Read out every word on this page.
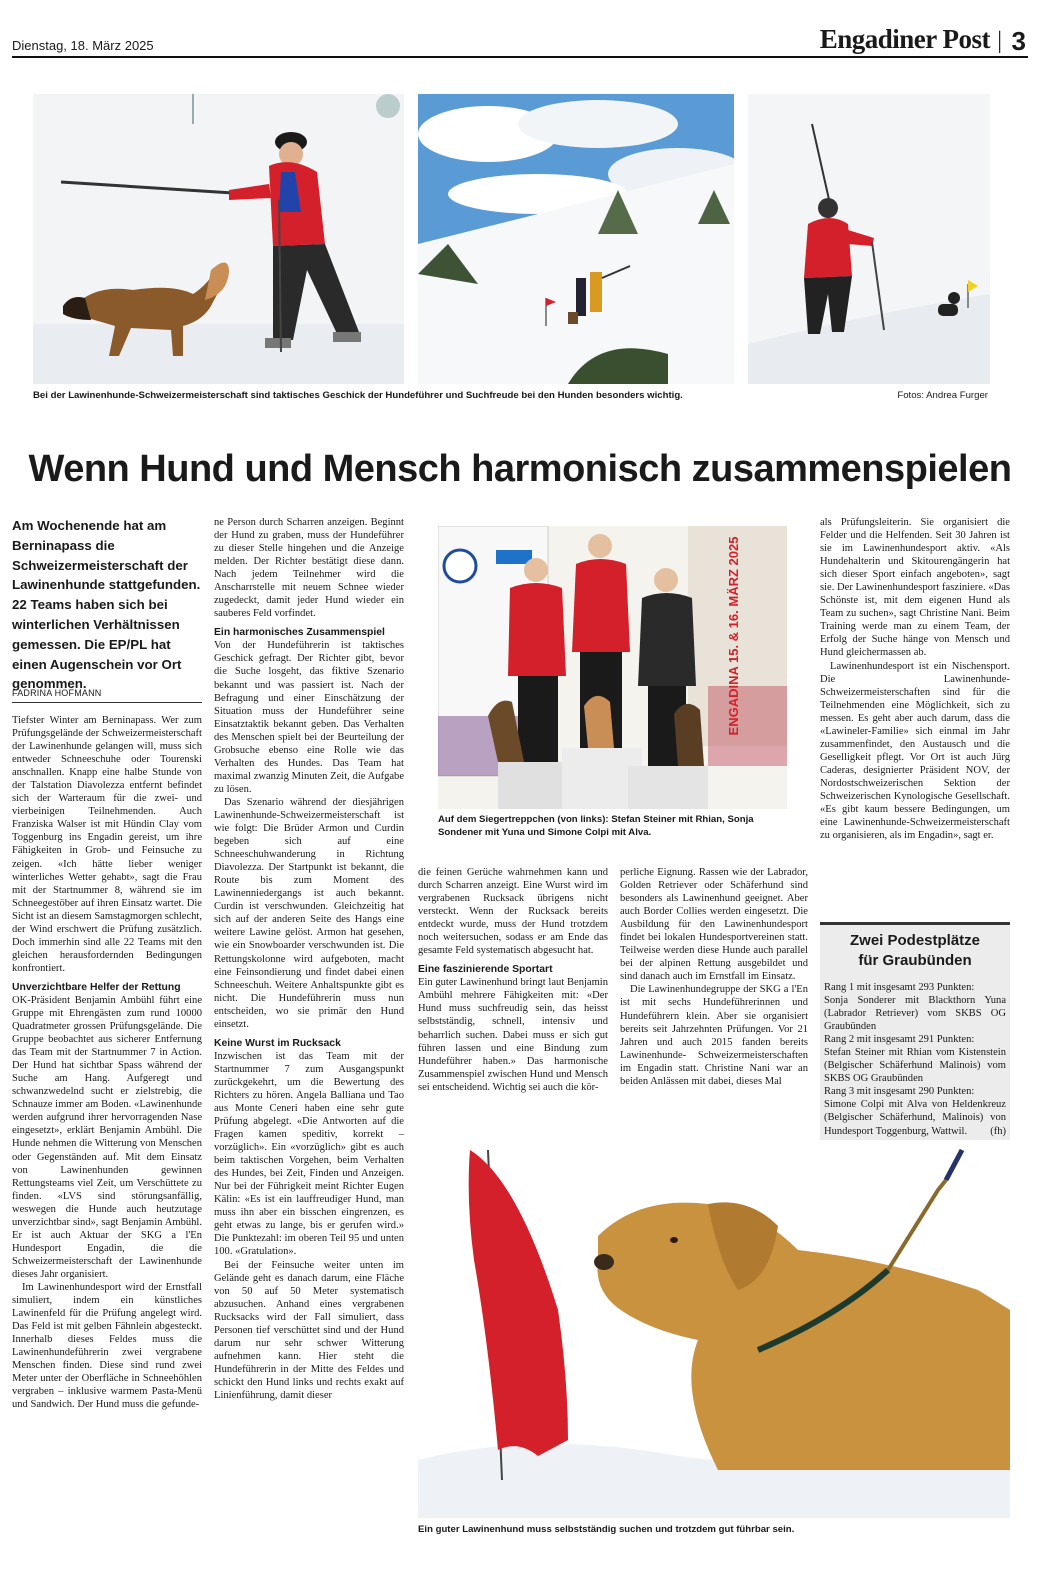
Dienstag, 18. März 2025	Engadiner Post | 3
Bei der Lawinenhunde-Schweizermeisterschaft sind taktisches Geschick der Hundeführer und Suchfreude bei den Hunden besonders wichtig.	Fotos: Andrea Furger
Wenn Hund und Mensch harmonisch zusammenspielen
Am Wochenende hat am Berninapass die Schweizermeisterschaft der Lawinenhunde stattgefunden. 22 Teams haben sich bei winterlichen Verhältnissen gemessen. Die EP/PL hat einen Augenschein vor Ort genommen.
FADRINA HOFMANN

Tiefster Winter am Berninapass. Wer zum Prüfungsgelände der Schweizermeisterschaft der Lawinenhunde gelangen will, muss sich entweder Schneeschuhe oder Tourenski anschnallen. Knapp eine halbe Stunde von der Talstation Diavolezza entfernt befindet sich der Warteraum für die zwei- und vierbeinigen Teilnehmenden. Auch Franziska Walser ist mit Hündin Clay vom Toggenburg ins Engadin gereist, um ihre Fähigkeiten in Grob- und Feinsuche zu zeigen. «Ich hätte lieber weniger winterliches Wetter gehabt», sagt die Frau mit der Startnummer 8, während sie im Schneegestöber auf ihren Einsatz wartet. Die Sicht ist an diesem Samstagmorgen schlecht, der Wind erschwert die Prüfung zusätzlich. Doch immerhin sind alle 22 Teams mit den gleichen herausfordernden Bedingungen konfrontiert.

Unverzichtbare Helfer der Rettung

OK-Präsident Benjamin Ambühl führt eine Gruppe mit Ehrengästen zum rund 10000 Quadratmeter grossen Prüfungsgelände. Die Gruppe beobachtet aus sicherer Entfernung das Team mit der Startnummer 7 in Action. Der Hund hat sichtbar Spass während der Suche am Hang. Aufgeregt und schwanzwedelnd sucht er zielstrebig, die Schnauze immer am Boden. «Lawinenhunde werden aufgrund ihrer hervorragenden Nase eingesetzt», erklärt Benjamin Ambühl. Die Hunde nehmen die Witterung von Menschen oder Gegenständen auf. Mit dem Einsatz von Lawinenhunden gewinnen Rettungsteams viel Zeit, um Verschüttete zu finden. «LVS sind störungsanfällig, weswegen die Hunde auch heutzutage unverzichtbar sind», sagt Benjamin Ambühl. Er ist auch Aktuar der SKG a l'En Hundesport Engadin, die die Schweizermeisterschaft der Lawinenhunde dieses Jahr organisiert.

Im Lawinenhundesport wird der Ernstfall simuliert, indem ein künstliches Lawinenfeld für die Prüfung angelegt wird. Das Feld ist mit gelben Fähnlein abgesteckt. Innerhalb dieses Feldes muss die Lawinenhundeführerin zwei vergrabene Menschen finden. Diese sind rund zwei Meter unter der Oberfläche in Schneehöhlen vergraben – inklusive warmem Pasta-Menü und Sandwich. Der Hund muss die gefunde-

ne Person durch Scharren anzeigen. Beginnt der Hund zu graben, muss der Hundeführer zu dieser Stelle hingehen und die Anzeige melden. Der Richter bestätigt diese dann. Nach jedem Teilnehmer wird die Anscharrstelle mit neuem Schnee wieder zugedeckt, damit jeder Hund wieder ein sauberes Feld vorfindet.

Ein harmonisches Zusammenspiel

Von der Hundeführerin ist taktisches Geschick gefragt. Der Richter gibt, bevor die Suche losgeht, das fiktive Szenario bekannt und was passiert ist. Nach der Befragung und einer Einschätzung der Situation muss der Hundeführer seine Einsatztaktik bekannt geben. Das Verhalten des Menschen spielt bei der Beurteilung der Grobsuche ebenso eine Rolle wie das Verhalten des Hundes. Das Team hat maximal zwanzig Minuten Zeit, die Aufgabe zu lösen.

Das Szenario während der diesjährigen Lawinenhunde-Schweizermeisterschaft ist wie folgt: Die Brüder Armon und Curdin begeben sich auf eine Schneeschuhwanderung in Richtung Diavolezza. Der Startpunkt ist bekannt, die Route bis zum Moment des Lawinenniedergangs ist auch bekannt. Curdin ist verschwunden. Gleichzeitig hat sich auf der anderen Seite des Hangs eine weitere Lawine gelöst. Armon hat gesehen, wie ein Snowboarder verschwunden ist. Die Rettungskolonne wird aufgeboten, macht eine Feinsondierung und findet dabei einen Schneeschuh. Weitere Anhaltspunkte gibt es nicht. Die Hundeführerin muss nun entscheiden, wo sie primär den Hund einsetzt.

Keine Wurst im Rucksack

Inzwischen ist das Team mit der Startnummer 7 zum Ausgangspunkt zurückgekehrt, um die Bewertung des Richters zu hören. Angela Balliana und Tao aus Monte Ceneri haben eine sehr gute Prüfung abgelegt. «Die Antworten auf die Fragen kamen speditiv, korrekt – vorzüglich». Ein «vorzüglich» gibt es auch beim taktischen Vorgehen, beim Verhalten des Hundes, bei Zeit, Finden und Anzeigen. Nur bei der Führigkeit meint Richter Eugen Kälin: «Es ist ein lauffreudiger Hund, man muss ihn aber ein bisschen eingrenzen, es geht etwas zu lange, bis er gerufen wird.» Die Punktezahl: im oberen Teil 95 und unten 100. «Gratulation».

Bei der Feinsuche weiter unten im Gelände geht es danach darum, eine Fläche von 50 auf 50 Meter systematisch abzusuchen. Anhand eines vergrabenen Rucksacks wird der Fall simuliert, dass Personen tief verschüttet sind und der Hund darum nur sehr schwer Witterung aufnehmen kann. Hier steht die Hundeführerin in der Mitte des Feldes und schickt den Hund links und rechts exakt auf Linienführung, damit dieser

ENGADINA 15. & 16. MÄRZ 2025
Auf dem Siegertreppchen (von links): Stefan Steiner mit Rhian, Sonja Sondener mit Yuna und Simone Colpi mit Alva.

die feinen Gerüche wahrnehmen kann und durch Scharren anzeigt. Eine Wurst wird im vergrabenen Rucksack übrigens nicht versteckt. Wenn der Rucksack bereits entdeckt wurde, muss der Hund trotzdem noch weitersuchen, sodass er am Ende das gesamte Feld systematisch abgesucht hat.

Eine faszinierende Sportart

Ein guter Lawinenhund bringt laut Benjamin Ambühl mehrere Fähigkeiten mit: «Der Hund muss suchfreudig sein, das heisst selbstständig, schnell, intensiv und beharrlich suchen. Dabei muss er sich gut führen lassen und eine Bindung zum Hundeführer haben.» Das harmonische Zusammenspiel zwischen Hund und Mensch sei entscheidend. Wichtig sei auch die kör-

perliche Eignung. Rassen wie der Labrador, Golden Retriever oder Schäferhund sind besonders als Lawinenhund geeignet. Aber auch Border Collies werden eingesetzt. Die Ausbildung für den Lawinenhundesport findet bei lokalen Hundesportvereinen statt. Teilweise werden diese Hunde auch parallel bei der alpinen Rettung ausgebildet und sind danach auch im Ernstfall im Einsatz.

Die Lawinenhundegruppe der SKG a l'En ist mit sechs Hundeführerinnen und Hundeführern klein. Aber sie organisiert bereits seit Jahrzehnten Prüfungen. Vor 21 Jahren und auch 2015 fanden bereits Lawinenhunde- Schweizermeisterschaften im Engadin statt. Christine Nani war an beiden Anlässen mit dabei, dieses Mal

als Prüfungsleiterin. Sie organisiert die Felder und die Helfenden. Seit 30 Jahren ist sie im Lawinenhundesport aktiv. «Als Hundehalterin und Skitourengängerin hat sich dieser Sport einfach angeboten», sagt sie. Der Lawinenhundesport fasziniere. «Das Schönste ist, mit dem eigenen Hund als Team zu suchen», sagt Christine Nani. Beim Training werde man zu einem Team, der Erfolg der Suche hänge von Mensch und Hund gleichermassen ab.

Lawinenhundesport ist ein Nischensport. Die Lawinenhunde-Schweizermeisterschaften sind für die Teilnehmenden eine Möglichkeit, sich zu messen. Es geht aber auch darum, dass die «Lawineler-Familie» sich einmal im Jahr zusammenfindet, den Austausch und die Geselligkeit pflegt. Vor Ort ist auch Jürg Caderas, designierter Präsident NOV, der Nordostschweizerischen Sektion der Schweizerischen Kynologische Gesellschaft. «Es gibt kaum bessere Bedingungen, um eine Lawinenhunde-Schweizermeisterschaft zu organisieren, als im Engadin», sagt er.

Zwei Podestplätze
für Graubünden
Rang 1 mit insgesamt 293 Punkten:
Sonja Sonderer mit Blackthorn Yuna (Labrador Retriever) vom SKBS OG Graubünden
Rang 2 mit insgesamt 291 Punkten:
Stefan Steiner mit Rhian vom Kistenstein (Belgischer Schäferhund Malinois) vom SKBS OG Graubünden
Rang 3 mit insgesamt 290 Punkten:
Simone Colpi mit Alva von Heldenkreuz (Belgischer Schäferhund, Malinois) von Hundesport Toggenburg, Wattwil. (fh)
Ein guter Lawinenhund muss selbstständig suchen und trotzdem gut führbar sein.
